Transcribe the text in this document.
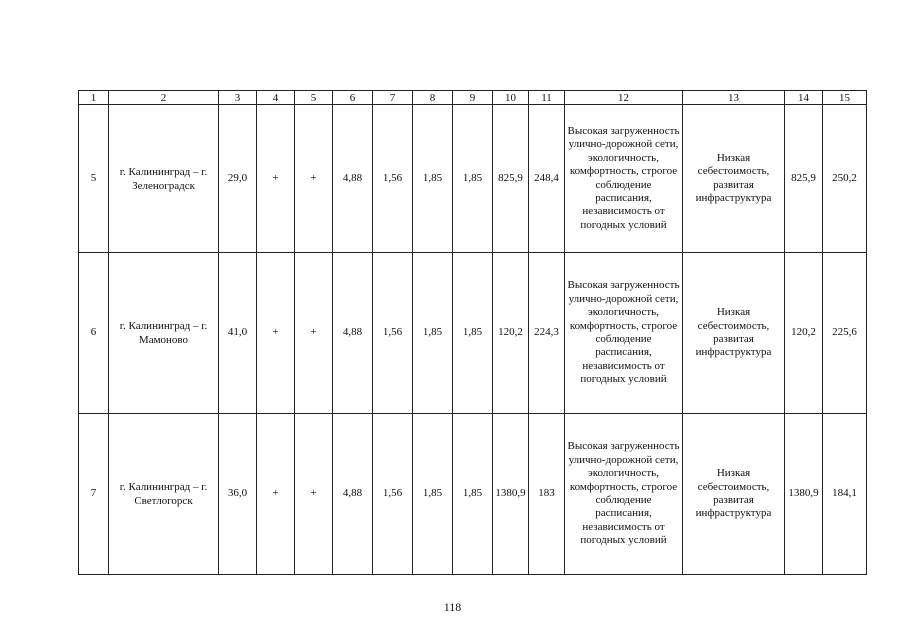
1	2	3	4	5	6	7	8	9	10	11	12	13	14	15
5	г. Калининград – г. Зеленоградск	29,0	+	+	4,88	1,56	1,85	1,85	825,9	248,4	Высокая загруженность улично-дорожной сети, экологичность, комфортность, строгое соблюдение расписания, независимость от погодных условий	Низкая себестоимость, развитая инфраструктура	825,9	250,2
6	г. Калининград – г. Мамоново	41,0	+	+	4,88	1,56	1,85	1,85	120,2	224,3	Высокая загруженность улично-дорожной сети, экологичность, комфортность, строгое соблюдение расписания, независимость от погодных условий	Низкая себестоимость, развитая инфраструктура	120,2	225,6
7	г. Калининград – г. Светлогорск	36,0	+	+	4,88	1,56	1,85	1,85	1380,9	183	Высокая загруженность улично-дорожной сети, экологичность, комфортность, строгое соблюдение расписания, независимость от погодных условий	Низкая себестоимость, развитая инфраструктура	1380,9	184,1
118
